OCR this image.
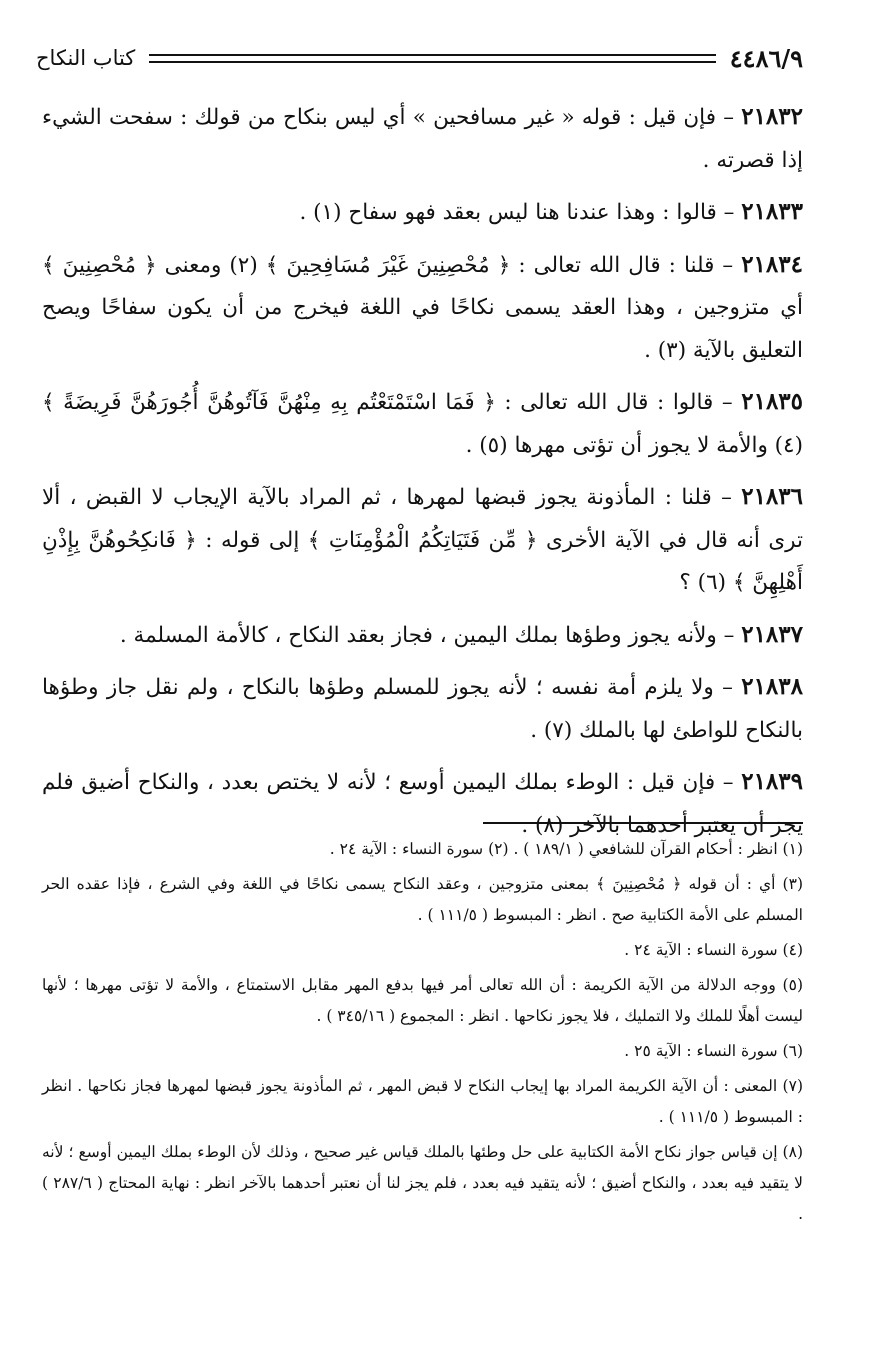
٤٤٨٦/٩
كتاب النكاح

٢١٨٣٢ – فإن قيل : قوله « غير مسافحين » أي ليس بنكاح من قولك : سفحت الشيء إذا قصرته .

٢١٨٣٣ – قالوا : وهذا عندنا هنا ليس بعقد فهو سفاح (١) .

٢١٨٣٤ – قلنا : قال الله تعالى : ﴿ مُحْصِنِينَ غَيْرَ مُسَافِحِينَ ﴾ (٢) ومعنى ﴿ مُحْصِنِينَ ﴾ أي متزوجين ، وهذا العقد يسمى نكاحًا في اللغة فيخرج من أن يكون سفاحًا ويصح التعليق بالآية (٣) .

٢١٨٣٥ – قالوا : قال الله تعالى : ﴿ فَمَا اسْتَمْتَعْتُم بِهِ مِنْهُنَّ فَآتُوهُنَّ أُجُورَهُنَّ فَرِيضَةً ﴾ (٤) والأمة لا يجوز أن تؤتى مهرها (٥) .

٢١٨٣٦ – قلنا : المأذونة يجوز قبضها لمهرها ، ثم المراد بالآية الإيجاب لا القبض ، ألا ترى أنه قال في الآية الأخرى ﴿ مِّن فَتَيَاتِكُمُ الْمُؤْمِنَاتِ ﴾ إلى قوله : ﴿ فَانكِحُوهُنَّ بِإِذْنِ أَهْلِهِنَّ ﴾ (٦) ؟

٢١٨٣٧ – ولأنه يجوز وطؤها بملك اليمين ، فجاز بعقد النكاح ، كالأمة المسلمة .

٢١٨٣٨ – ولا يلزم أمة نفسه ؛ لأنه يجوز للمسلم وطؤها بالنكاح ، ولم نقل جاز وطؤها بالنكاح للواطئ لها بالملك (٧) .

٢١٨٣٩ – فإن قيل : الوطء بملك اليمين أوسع ؛ لأنه لا يختص بعدد ، والنكاح أضيق فلم يجز أن يعتبر أحدهما بالآخر (٨) .

(١) انظر : أحكام القرآن للشافعي ( ١٨٩/١ ) . (٢) سورة النساء : الآية ٢٤ .

(٣) أي : أن قوله ﴿ مُحْصِنِينَ ﴾ بمعنى متزوجين ، وعقد النكاح يسمى نكاحًا في اللغة وفي الشرع ، فإذا عقده الحر المسلم على الأمة الكتابية صح . انظر : المبسوط ( ١١١/٥ ) .

(٤) سورة النساء : الآية ٢٤ .

(٥) ووجه الدلالة من الآية الكريمة : أن الله تعالى أمر فيها بدفع المهر مقابل الاستمتاع ، والأمة لا تؤتى مهرها ؛ لأنها ليست أهلًا للملك ولا التمليك ، فلا يجوز نكاحها . انظر : المجموع ( ٣٤٥/١٦ ) .

(٦) سورة النساء : الآية ٢٥ .

(٧) المعنى : أن الآية الكريمة المراد بها إيجاب النكاح لا قبض المهر ، ثم المأذونة يجوز قبضها لمهرها فجاز نكاحها . انظر : المبسوط ( ١١١/٥ ) .

(٨) إن قياس جواز نكاح الأمة الكتابية على حل وطئها بالملك قياس غير صحيح ، وذلك لأن الوطء بملك اليمين أوسع ؛ لأنه لا يتقيد فيه بعدد ، والنكاح أضيق ؛ لأنه يتقيد فيه بعدد ، فلم يجز لنا أن نعتبر أحدهما بالآخر انظر : نهاية المحتاج ( ٢٨٧/٦ ) .
